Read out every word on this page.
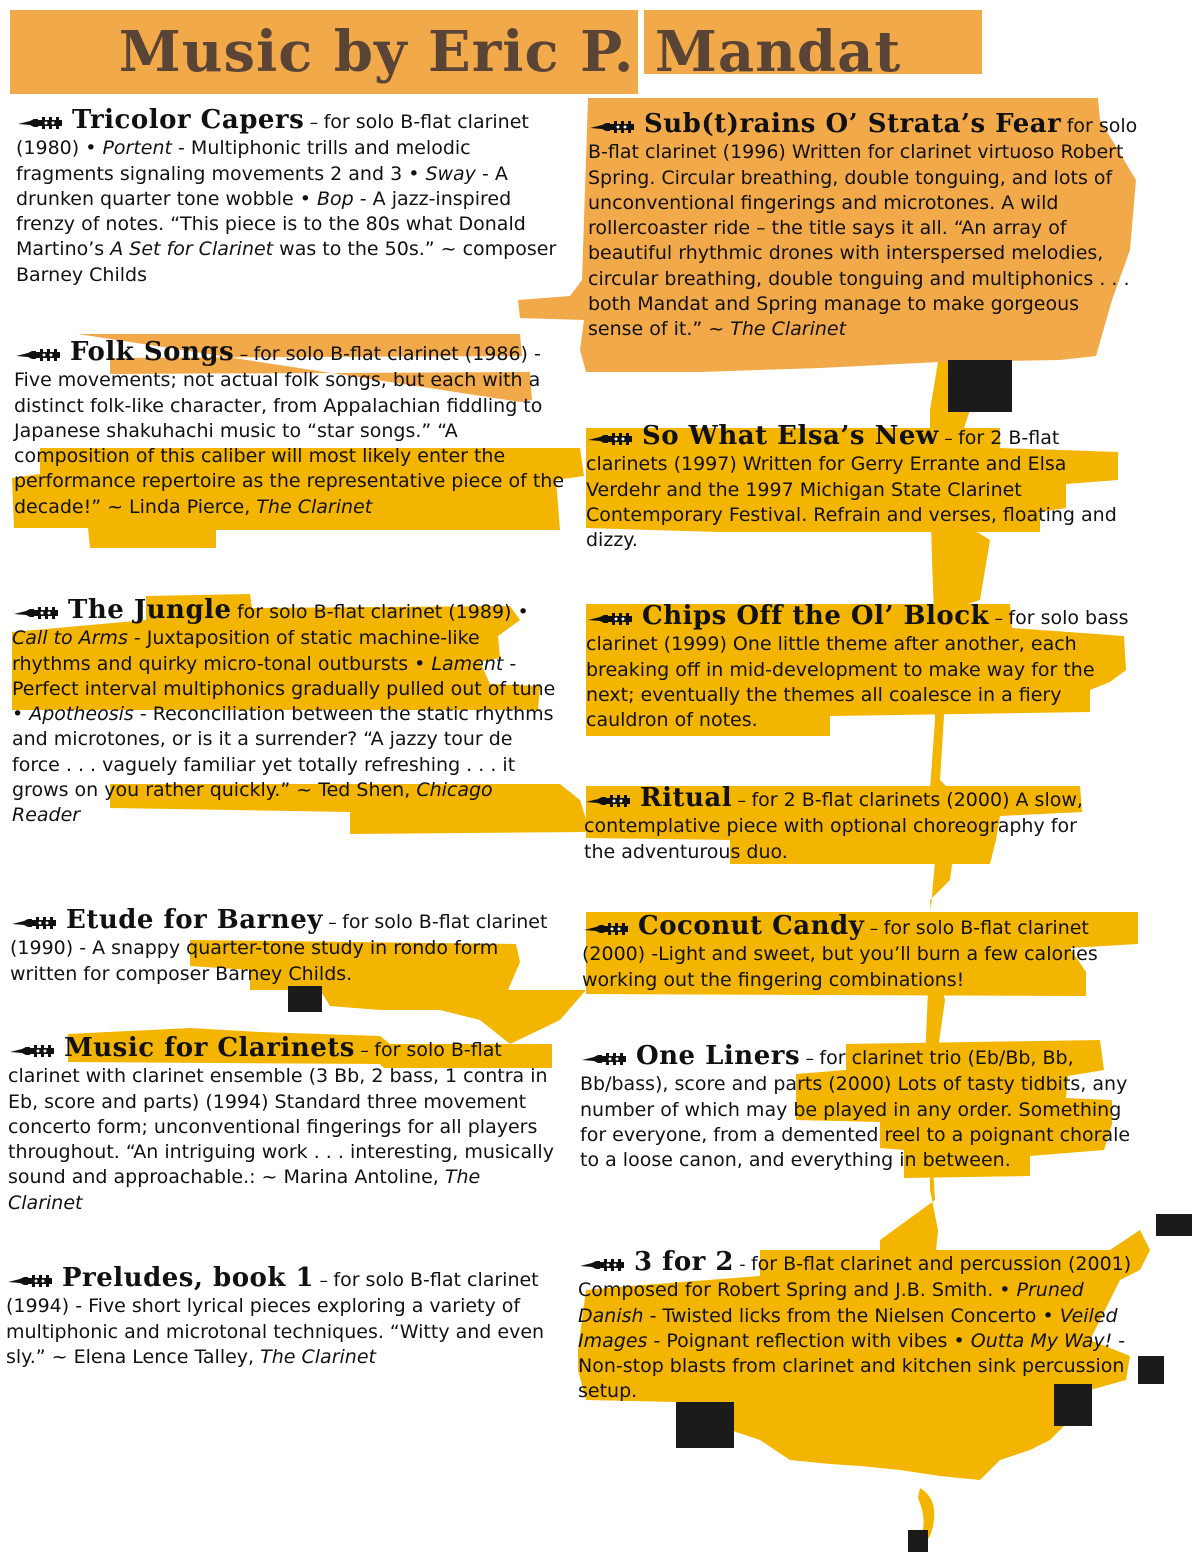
Music by Eric P. Mandat
Tricolor Capers – for solo B-flat clarinet (1980) • Portent - Multiphonic trills and melodic fragments signaling movements 2 and 3 • Sway - A drunken quarter tone wobble • Bop - A jazz-inspired frenzy of notes. “This piece is to the 80s what Donald Martino’s A Set for Clarinet was to the 50s.” ~ composer Barney Childs
Folk Songs – for solo B-flat clarinet (1986) - Five movements; not actual folk songs, but each with a distinct folk-like character, from Appalachian fiddling to Japanese shakuhachi music to “star songs.” “A composition of this caliber will most likely enter the performance repertoire as the representative piece of the decade!” ~ Linda Pierce, The Clarinet
The Jungle for solo B-flat clarinet (1989) • Call to Arms - Juxtaposition of static machine-like rhythms and quirky micro-tonal outbursts • Lament - Perfect interval multiphonics gradually pulled out of tune • Apotheosis - Reconciliation between the static rhythms and microtones, or is it a surrender? “A jazzy tour de force . . . vaguely familiar yet totally refreshing . . . it grows on you rather quickly.” ~ Ted Shen, Chicago Reader
Etude for Barney – for solo B-flat clarinet (1990) - A snappy quarter-tone study in rondo form written for composer Barney Childs.
Music for Clarinets – for solo B-flat clarinet with clarinet ensemble (3 Bb, 2 bass, 1 contra in Eb, score and parts) (1994) Standard three movement concerto form; unconventional fingerings for all players throughout. “An intriguing work . . . interesting, musically sound and approachable.: ~ Marina Antoline, The Clarinet
Preludes, book 1 – for solo B-flat clarinet (1994) - Five short lyrical pieces exploring a variety of multiphonic and microtonal techniques. “Witty and even sly.” ~ Elena Lence Talley, The Clarinet
Sub(t)rains O’ Strata’s Fear for solo B-flat clarinet (1996) Written for clarinet virtuoso Robert Spring. Circular breathing, double tonguing, and lots of unconventional fingerings and microtones. A wild rollercoaster ride – the title says it all. “An array of beautiful rhythmic drones with interspersed melodies, circular breathing, double tonguing and multiphonics . . . both Mandat and Spring manage to make gorgeous sense of it.” ~ The Clarinet
So What Elsa’s New – for 2 B-flat clarinets (1997) Written for Gerry Errante and Elsa Verdehr and the 1997 Michigan State Clarinet Contemporary Festival. Refrain and verses, floating and dizzy.
Chips Off the Ol’ Block – for solo bass clarinet (1999) One little theme after another, each breaking off in mid-development to make way for the next; eventually the themes all coalesce in a fiery cauldron of notes.
Ritual – for 2 B-flat clarinets (2000) A slow, contemplative piece with optional choreography for the adventurous duo.
Coconut Candy – for solo B-flat clarinet (2000) -Light and sweet, but you’ll burn a few calories working out the fingering combinations!
One Liners – for clarinet trio (Eb/Bb, Bb, Bb/bass), score and parts (2000) Lots of tasty tidbits, any number of which may be played in any order. Something for everyone, from a demented reel to a poignant chorale to a loose canon, and everything in between.
3 for 2 - for B-flat clarinet and percussion (2001) Composed for Robert Spring and J.B. Smith. • Pruned Danish - Twisted licks from the Nielsen Concerto • Veiled Images - Poignant reflection with vibes • Outta My Way! - Non-stop blasts from clarinet and kitchen sink percussion setup.
